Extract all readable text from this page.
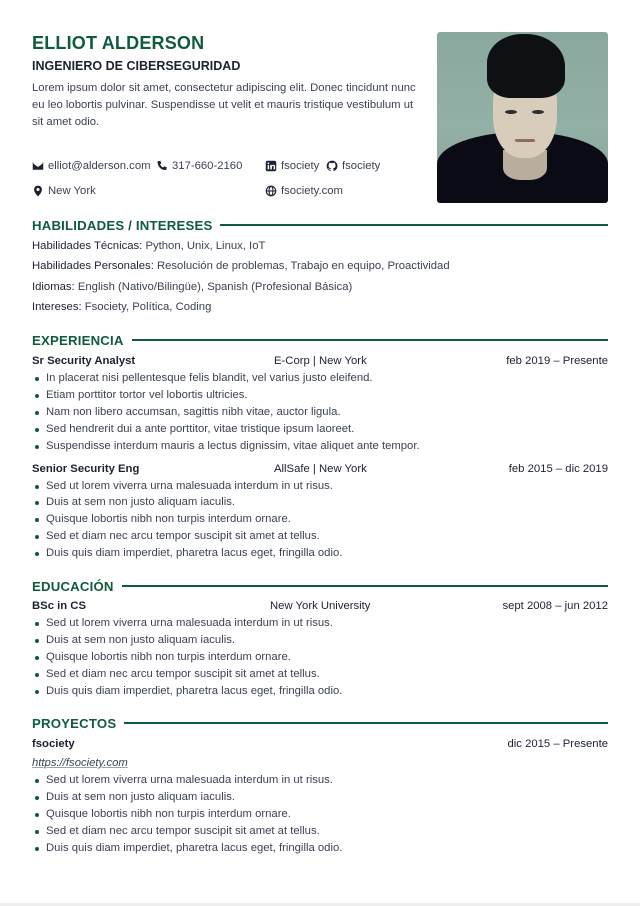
ELLIOT ALDERSON
INGENIERO DE CIBERSEGURIDAD

Lorem ipsum dolor sit amet, consectetur adipiscing elit. Donec tincidunt nunc eu leo lobortis pulvinar. Suspendisse ut velit et mauris tristique vestibulum ut sit amet odio.

elliot@alderson.com 317-660-2160	fsociety fsociety
New York	fsociety.com
HABILIDADES / INTERESES
Habilidades Técnicas: Python, Unix, Linux, IoT
Habilidades Personales: Resolución de problemas, Trabajo en equipo, Proactividad
Idiomas: English (Nativo/Bilingüe), Spanish (Profesional Básica)
Intereses: Fsociety, Política, Coding
EXPERIENCIA
Sr Security Analyst	E-Corp | New York	feb 2019 – Presente
In placerat nisi pellentesque felis blandit, vel varius justo eleifend.
Etiam porttitor tortor vel lobortis ultricies.
Nam non libero accumsan, sagittis nibh vitae, auctor ligula.
Sed hendrerit dui a ante porttitor, vitae tristique ipsum laoreet.
Suspendisse interdum mauris a lectus dignissim, vitae aliquet ante tempor.
Senior Security Eng	AllSafe | New York	feb 2015 – dic 2019
Sed ut lorem viverra urna malesuada interdum in ut risus.
Duis at sem non justo aliquam iaculis.
Quisque lobortis nibh non turpis interdum ornare.
Sed et diam nec arcu tempor suscipit sit amet at tellus.
Duis quis diam imperdiet, pharetra lacus eget, fringilla odio.
EDUCACIÓN
BSc in CS	New York University	sept 2008 – jun 2012
Sed ut lorem viverra urna malesuada interdum in ut risus.
Duis at sem non justo aliquam iaculis.
Quisque lobortis nibh non turpis interdum ornare.
Sed et diam nec arcu tempor suscipit sit amet at tellus.
Duis quis diam imperdiet, pharetra lacus eget, fringilla odio.
PROYECTOS
fsociety	dic 2015 – Presente
https://fsociety.com
Sed ut lorem viverra urna malesuada interdum in ut risus.
Duis at sem non justo aliquam iaculis.
Quisque lobortis nibh non turpis interdum ornare.
Sed et diam nec arcu tempor suscipit sit amet at tellus.
Duis quis diam imperdiet, pharetra lacus eget, fringilla odio.
